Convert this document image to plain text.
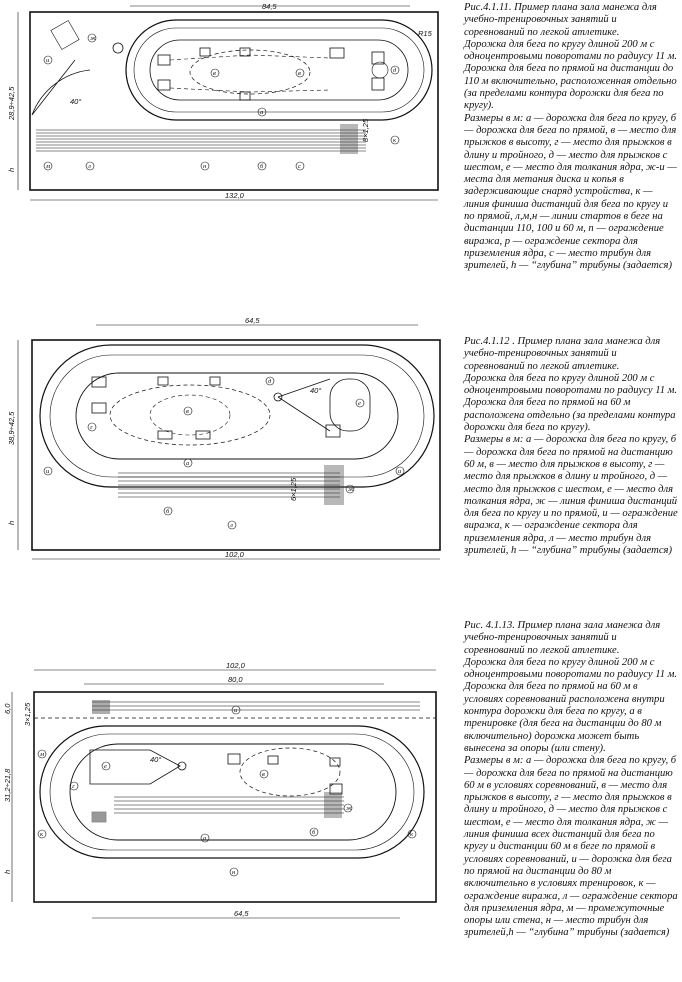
84,5
R15
8×1,25
40°
28,9÷42,5
h
132,0
м	л	н	б
а
в	в
к
д
ж
и
с

Рис.4.1.11. Пример плана зала манежа для учебно-тренировочных занятий и соревнований по легкой атлетике.

Дорожка для бега по кругу длиной 200 м с одноцентровыми поворотами по радиусу 11 м. Дорожка для бега по прямой на дистанции до 110 м включительно, расположенная отдельно (за пределами контура дорожки для бега по кругу).

Размеры в м: а — дорожка для бега по кругу, б — дорожка для бега по прямой, в — место для прыжков в высоту, г — место для прыжков в длину и тройного, д — место для прыжков с шестом, е — место для толкания ядра, ж-и — места для метания диска и копья в задерживающие снаряд устройства, к — линия финиша дистанций для бега по кругу и по прямой, л,м,н — линии стартов в беге на дистанции 110, 100 и 60 м, п — ограждение виража, р — ограждение сектора для приземления ядра, с — место трибун для зрителей, h — “глубина” трибуны (задается)

64,5
40°
6×1,25
38,9÷42,5
h
102,0
и	и
б
л
ж
а
в
е
д
г

Рис.4.1.12 . Пример плана зала манежа для учебно-тренировочных занятий и соревнований по легкой атлетике.

Дорожка для бега по кругу длиной 200 м с одноцентровыми поворотами по радиусу 11 м. Дорожка для бега по прямой на 60 м расположена отдельно (за пределами контура дорожки для бега по кругу).

Размеры в м: а — дорожка для бега по кругу, б — дорожка для бега по прямой на дистанцию 60 м, в — место для прыжков в высоту, г — место для прыжков в длину и тройного, д — место для прыжков с шестом, е — место для толкания ядра, ж — линия финиша дистанций для бега по кругу и по прямой, и — ограждение виража, к — ограждение сектора для приземления ядра, л — место трибун для зрителей, h — “глубина” трибуны (задается)

102,0
80,0
3×1,25
40°
6,0
31,2÷21,8
h
64,5
м
к	к
и
н
а
б
е
ж
в
г

Рис. 4.1.13. Пример плана зала манежа для учебно-тренировочных занятий и соревнований по легкой атлетике.

Дорожка для бега по кругу длиной 200 м с одноцентровыми поворотами по радиусу 11 м. Дорожка для бега по прямой на 60 м в условиях соревнований расположена внутри контура дорожки для бега по кругу, а в тренировке (для бега на дистанции до 80 м включительно) дорожка может быть вынесена за опоры (или стену).

Размеры в м: а — дорожка для бега по кругу, б — дорожка для бега по прямой на дистанцию 60 м в условиях соревнований, в — место для прыжков в высоту, г — место для прыжков в длину и тройного, д — место для прыжков с шестом, е — место для толкания ядра, ж — линия финиша всех дистанций для бега по кругу и дистанции 60 м в беге по прямой в условиях соревнований, и — дорожка для бега по прямой на дистанции до 80 м включительно в условиях тренировок, к — ограждение виража, л — ограждение сектора для приземления ядра, м — промежуточные опоры или стена, н — место трибун для зрителей,h — “глубина” трибуны (задается)
